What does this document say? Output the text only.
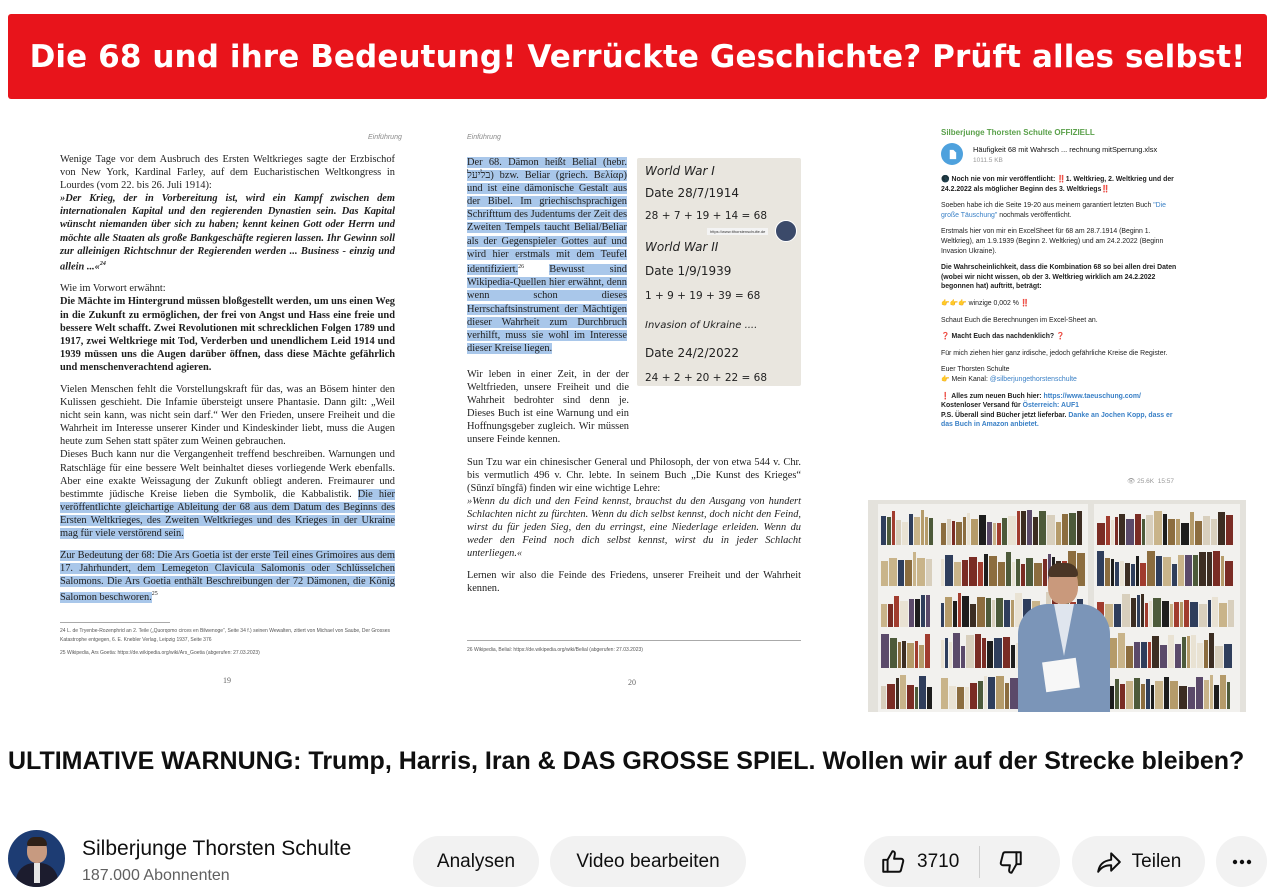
Die 68 und ihre Bedeutung! Verrückte Geschichte? Prüft alles selbst!
Einführung

Wenige Tage vor dem Ausbruch des Ersten Weltkrieges sagte der Erzbischof von New York, Kardinal Farley, auf dem Eucharistischen Weltkongress in Lourdes (vom 22. bis 26. Juli 1914):

»Der Krieg, der in Vorbereitung ist, wird ein Kampf zwischen dem internationalen Kapital und den regierenden Dynastien sein. Das Kapital wünscht niemanden über sich zu haben; kennt keinen Gott oder Herrn und möchte alle Staaten als große Bankgeschäfte regieren lassen. Ihr Gewinn soll zur alleinigen Richtschnur der Regierenden werden ... Business - einzig und allein ...«$^{24}$

Wie im Vorwort erwähnt:

Die Mächte im Hintergrund müssen bloßgestellt werden, um uns einen Weg in die Zukunft zu ermöglichen, der frei von Angst und Hass eine freie und bessere Welt schafft. Zwei Revolutionen mit schrecklichen Folgen 1789 und 1917, zwei Weltkriege mit Tod, Verderben und unendlichem Leid 1914 und 1939 müssen uns die Augen darüber öffnen, dass diese Mächte gefährlich und menschenverachtend agieren.

Vielen Menschen fehlt die Vorstellungskraft für das, was an Bösem hinter den Kulissen geschieht. Die Infamie übersteigt unsere Phantasie. Dann gilt: „Weil nicht sein kann, was nicht sein darf.“ Wer den Frieden, unsere Freiheit und die Wahrheit im Interesse unserer Kinder und Kindeskinder liebt, muss die Augen heute zum Sehen statt später zum Weinen gebrauchen.

Dieses Buch kann nur die Vergangenheit treffend beschreiben. Warnungen und Ratschläge für eine bessere Welt beinhaltet dieses vorliegende Werk ebenfalls. Aber eine exakte Weissagung der Zukunft obliegt anderen. Freimaurer und bestimmte jüdische Kreise lieben die Symbolik, die Kabbalistik. Die hier veröffentlichte gleichartige Ableitung der 68 aus dem Datum des Beginns des Ersten Weltkrieges, des Zweiten Weltkrieges und des Krieges in der Ukraine mag für viele verstörend sein.

Zur Bedeutung der 68: Die Ars Goetia ist der erste Teil eines Grimoires aus dem 17. Jahrhundert, dem Lemegeton Clavicula Salomonis oder Schlüsselchen Salomons. Die Ars Goetia enthält Beschreibungen der 72 Dämonen, die König Salomon beschworen.$^{25}$

24 L. de Tryenbe-Rozenphrid an 2. Teile („Quorqomo circes en Bilwenoge“, Seite 34 f.) seinen Wewalten, zitiert von Michael von Saube, Der Grosses Katastrophe entgegen, 6. E. Knebler Verlag, Leipzig 1937, Seite 376
25 Wikipedia, Ars Goetia: https://de.wikipedia.org/wiki/Ars_Goetia (abgerufen: 27.03.2023)
19
Einführung

Der 68. Dämon heißt Belial (hebr. בליעל) bzw. Beliar (griech. Βελίαρ) und ist eine dämonische Gestalt aus der Bibel. Im griechischsprachigen Schrifttum des Judentums der Zeit des Zweiten Tempels taucht Belial/Beliar als der Gegenspieler Gottes auf und wird hier erstmals mit dem Teufel identifiziert.$^{26}$ Bewusst sind Wikipedia-Quellen hier erwähnt, denn wenn schon dieses Herrschaftsinstrument der Mächtigen dieser Wahrheit zum Durchbruch verhilft, muss sie wohl im Interesse dieser Kreise liegen.

Wir leben in einer Zeit, in der der Weltfrieden, unsere Freiheit und die Wahrheit bedrohter sind denn je. Dieses Buch ist eine Warnung und ein Hoffnungsgeber zugleich. Wir müssen unsere Feinde kennen.

Sun Tzu war ein chinesischer General und Philosoph, der von etwa 544 v. Chr. bis vermutlich 496 v. Chr. lebte. In seinem Buch „Die Kunst des Krieges“ (Sūnzǐ bīngfǎ) finden wir eine wichtige Lehre:

»Wenn du dich und den Feind kennst, brauchst du den Ausgang von hundert Schlachten nicht zu fürchten. Wenn du dich selbst kennst, doch nicht den Feind, wirst du für jeden Sieg, den du erringst, eine Niederlage erleiden. Wenn du weder den Feind noch dich selbst kennst, wirst du in jeder Schlacht unterliegen.«

Lernen wir also die Feinde des Friedens, unserer Freiheit und der Wahrheit kennen.

26 Wikipedia, Belial: https://de.wikipedia.org/wiki/Belial (abgerufen: 27.03.2023)
20
World War I
Date 28/7/1914
28 + 7 + 19 + 14 = 68
World War II
Date 1/9/1939
1 + 9 + 19 + 39 = 68
Invasion of Ukraine ....
Date 24/2/2022
24 + 2 + 20 + 22 = 68
https://www.tthorstenschulte.de
Silberjunge Thorsten Schulte OFFIZIELL
Häufigkeit 68 mit Wahrsch ... rechnung mitSperrung.xlsx
1011.5 KB
🌑 Noch nie von mir veröffentlicht: ‼️1. Weltkrieg, 2. Weltkrieg und der 24.2.2022 als möglicher Beginn des 3. Weltkriegs‼️
Soeben habe ich die Seite 19-20 aus meinem garantiert letzten Buch "Die große Täuschung" nochmals veröffentlicht.
Erstmals hier von mir ein ExcelSheet für 68 am 28.7.1914 (Beginn 1. Weltkrieg), am 1.9.1939 (Beginn 2. Weltkrieg) und am 24.2.2022 (Beginn Invasion Ukraine).
Die Wahrscheinlichkeit, dass die Kombination 68 so bei allen drei Daten (wobei wir nicht wissen, ob der 3. Weltkrieg wirklich am 24.2.2022 begonnen hat) auftritt, beträgt:
👉👉👉 winzige 0,002 % ‼️
Schaut Euch die Berechnungen im Excel-Sheet an.
❓ Macht Euch das nachdenklich? ❓
Für mich ziehen hier ganz irdische, jedoch gefährliche Kreise die Register.
Euer Thorsten Schulte
👉 Mein Kanal: @silberjungethorstenschulte
❗ Alles zum neuen Buch hier: https://www.taeuschung.com/
Kostenloser Versand für Österreich: AUF1
P.S. Überall sind Bücher jetzt lieferbar. Danke an Jochen Kopp, dass er das Buch in Amazon anbietet.
👁 25.6K 15:57
ULTIMATIVE WARNUNG: Trump, Harris, Iran & DAS GROSSE SPIEL. Wollen wir auf der Strecke bleiben?
Silberjunge Thorsten Schulte
187.000 Abonnenten
Analysen	Video bearbeiten	3710	Teilen
